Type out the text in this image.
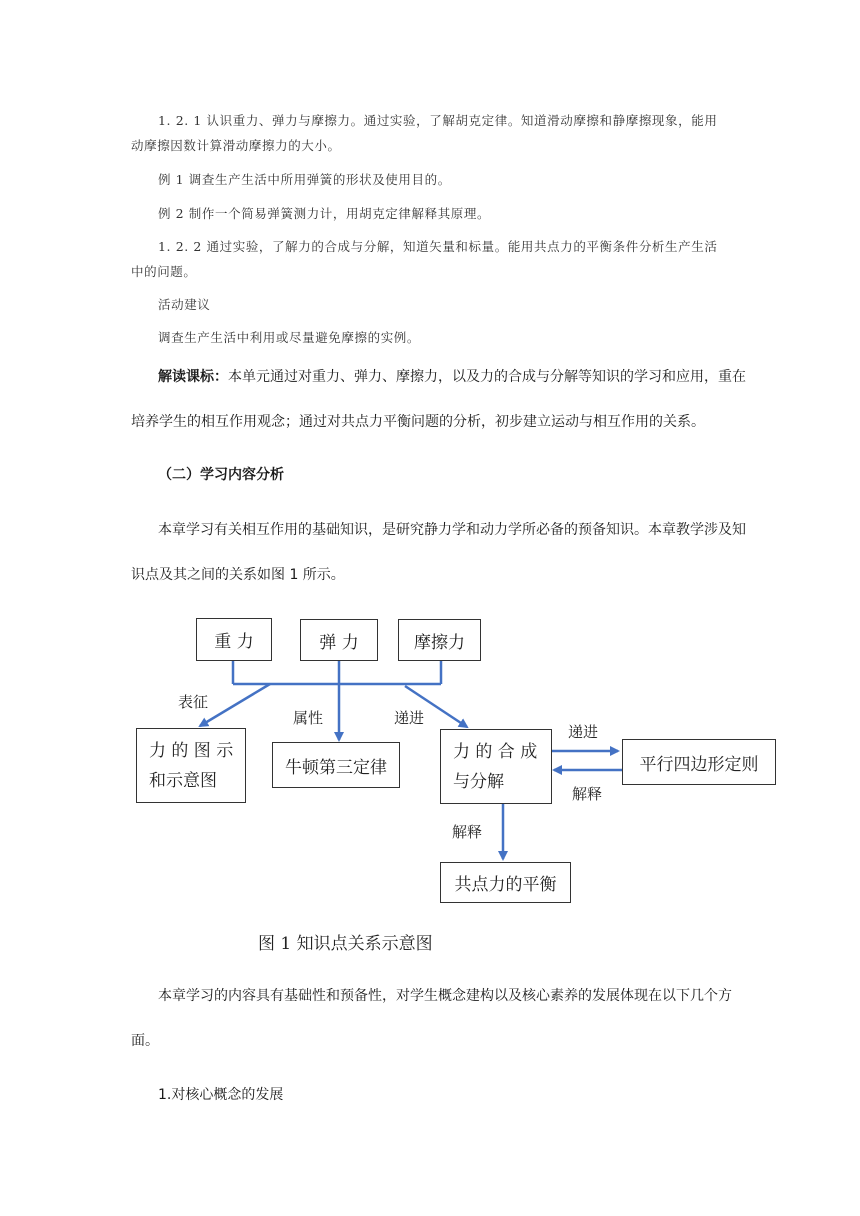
1. 2. 1 认识重力、弹力与摩擦力。通过实验，了解胡克定律。知道滑动摩擦和静摩擦现象，能用
动摩擦因数计算滑动摩擦力的大小。
例 1 调查生产生活中所用弹簧的形状及使用目的。
例 2 制作一个简易弹簧测力计，用胡克定律解释其原理。
1. 2. 2 通过实验，了解力的合成与分解，知道矢量和标量。能用共点力的平衡条件分析生产生活
中的问题。
活动建议
调查生产生活中利用或尽量避免摩擦的实例。
解读课标：本单元通过对重力、弹力、摩擦力，以及力的合成与分解等知识的学习和应用，重在
培养学生的相互作用观念；通过对共点力平衡问题的分析，初步建立运动与相互作用的关系。
（二）学习内容分析
本章学习有关相互作用的基础知识，是研究静力学和动力学所必备的预备知识。本章教学涉及知
识点及其之间的关系如图 1 所示。
重 力	弹 力	摩擦力
力 的 图 示
和示意图
牛顿第三定律
力 的 合 成
与分解
平行四边形定则
共点力的平衡
表征
属性	递进
递进
解释
解释
图 1 知识点关系示意图
本章学习的内容具有基础性和预备性，对学生概念建构以及核心素养的发展体现在以下几个方
面。
1.对核心概念的发展
